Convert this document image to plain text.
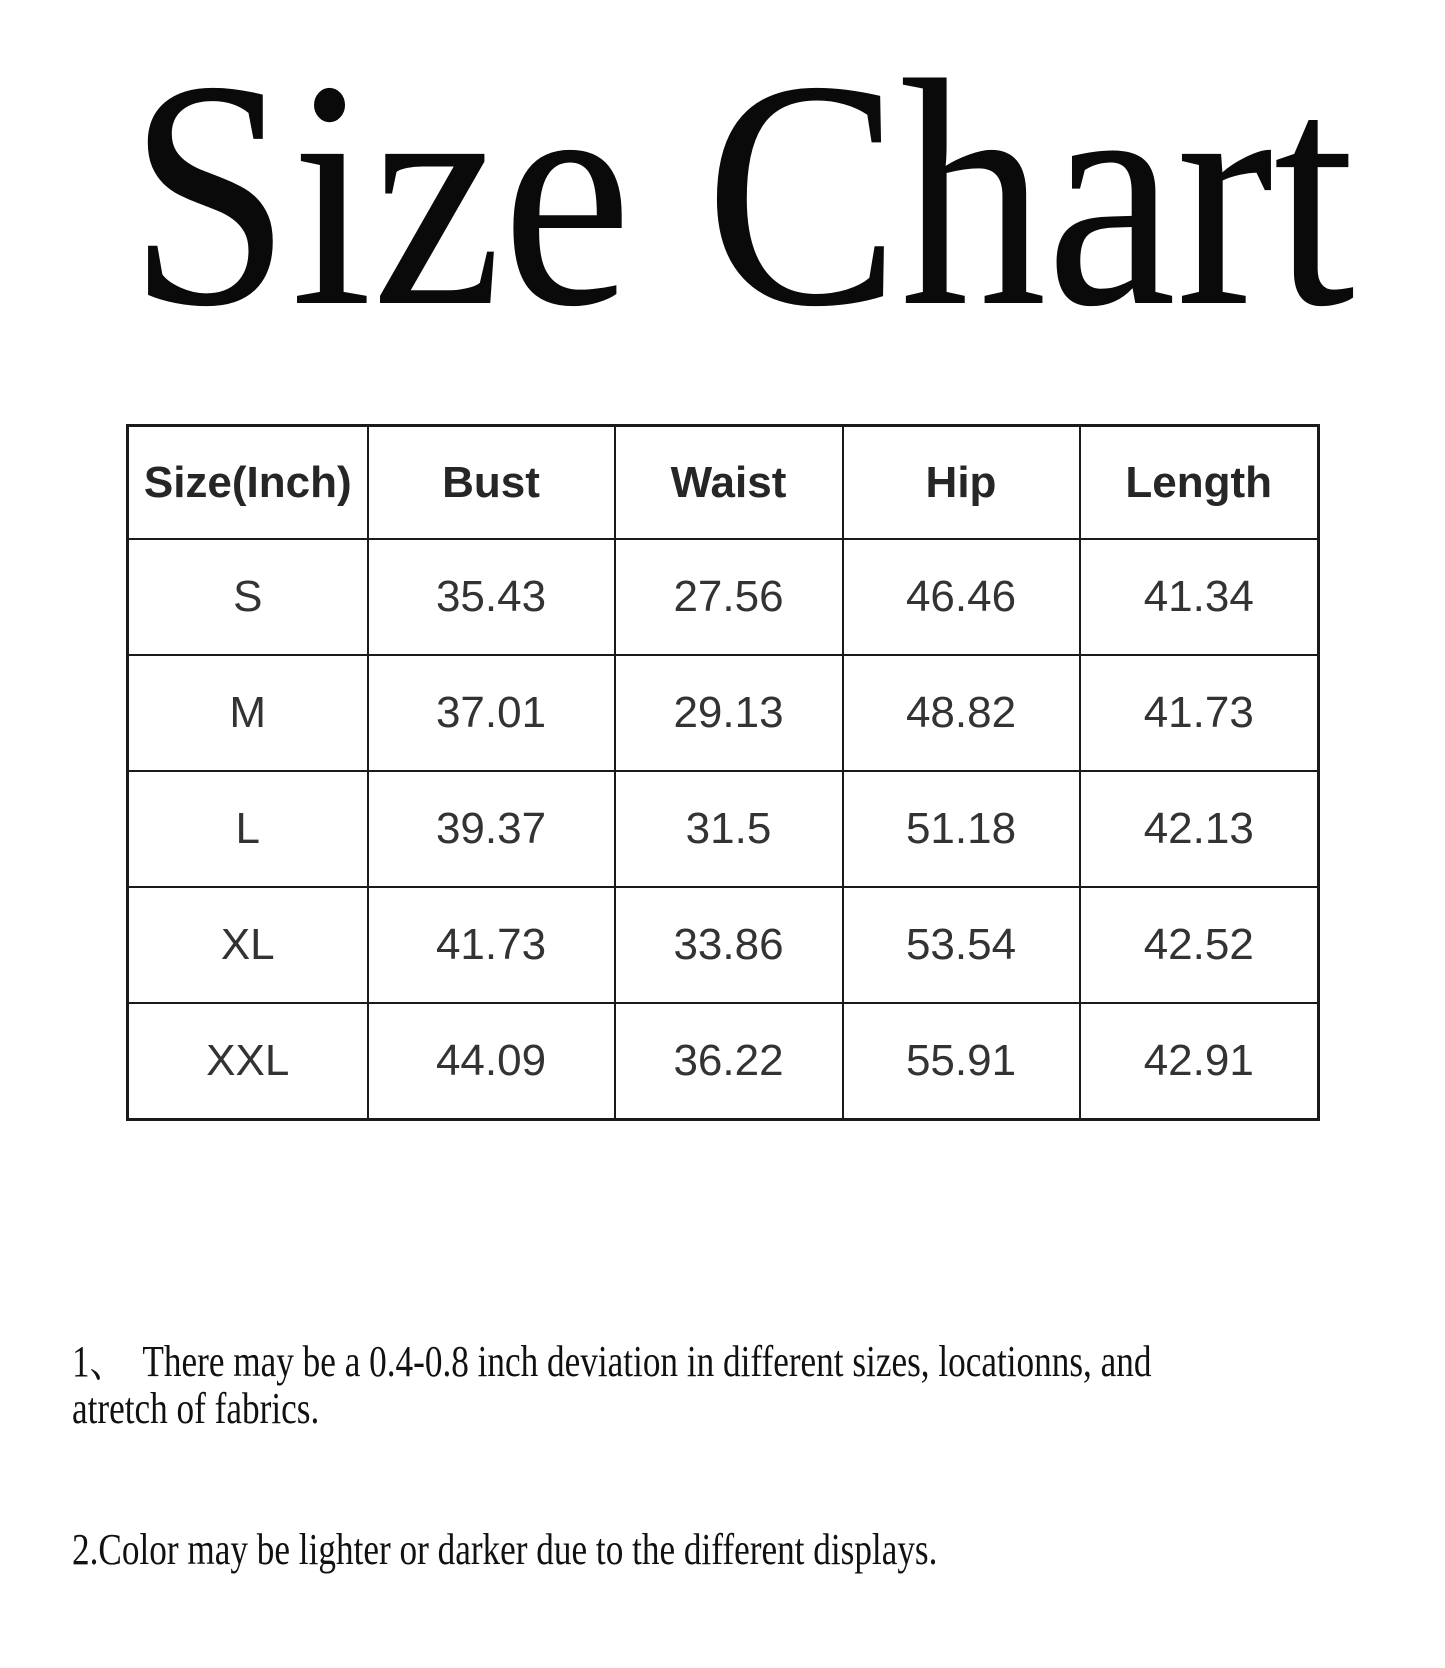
Size Chart
Size(Inch)	Bust	Waist	Hip	Length
S	35.43	27.56	46.46	41.34
M	37.01	29.13	48.82	41.73
L	39.37	31.5	51.18	42.13
XL	41.73	33.86	53.54	42.52
XXL	44.09	36.22	55.91	42.91

1、  There may be a 0.4-0.8 inch deviation in different sizes, locationns, and atretch of fabrics.

2.Color may be lighter or darker due to the different displays.
